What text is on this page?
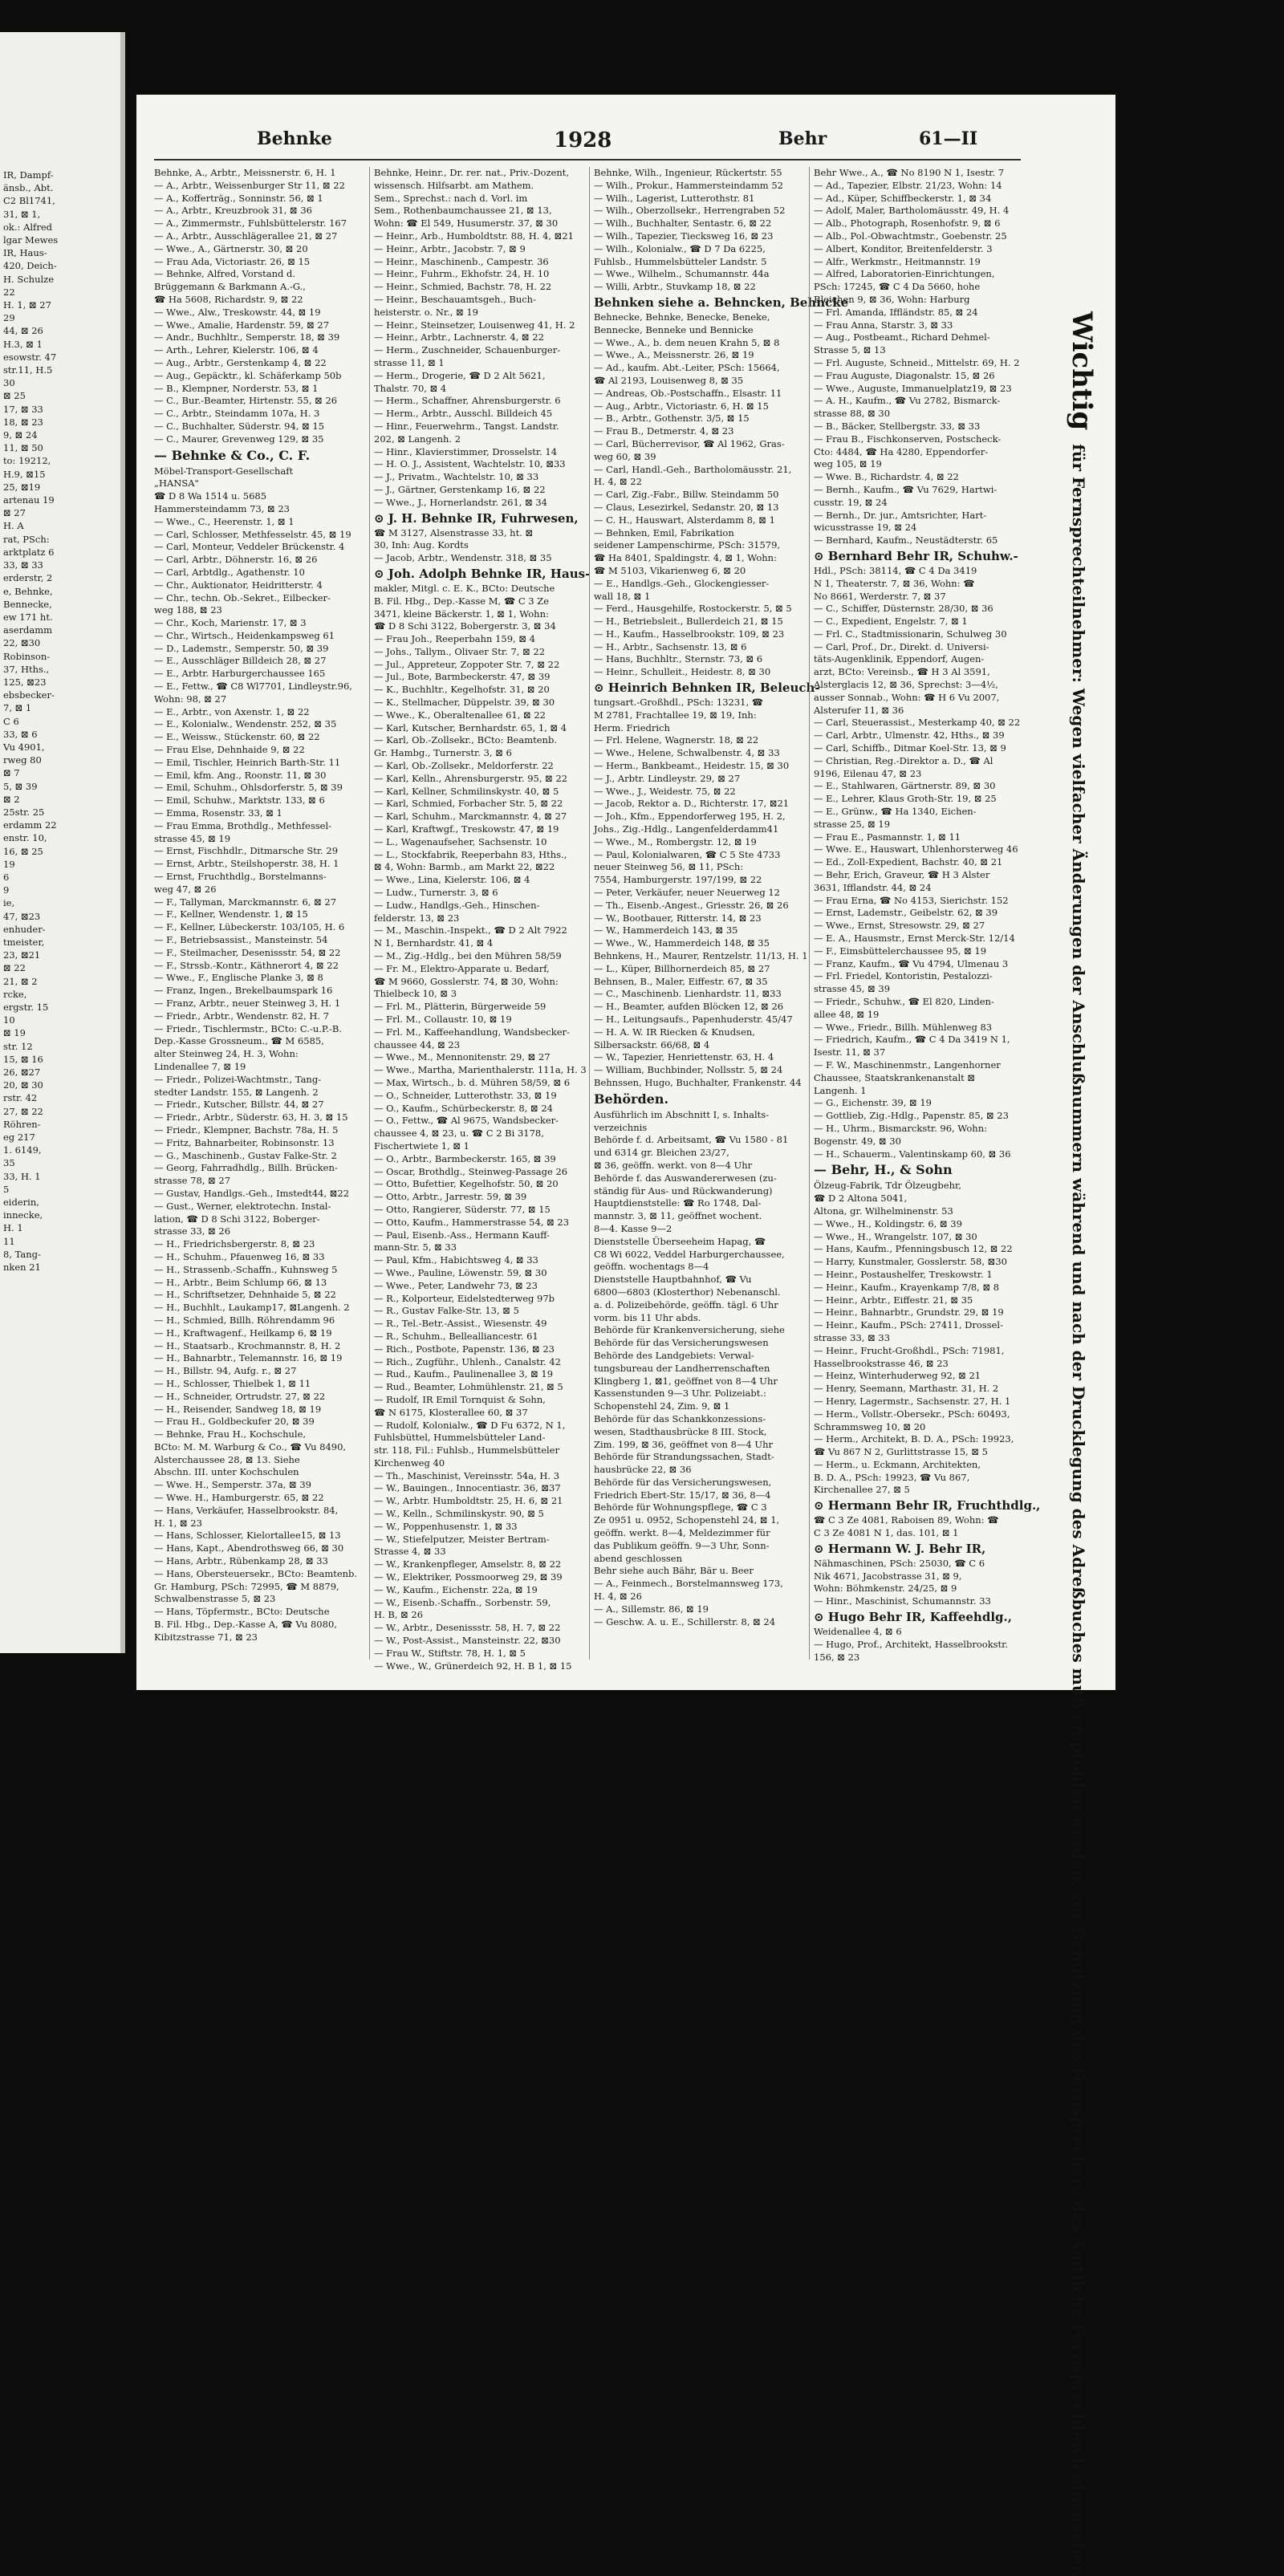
IR, Dampf-
änsb., Abt.
C2 Bl1741,
31, ⊠ 1,
ok.: Alfred
lgar Mewes
IR, Haus-
420, Deich-
H. Schulze
22
H. 1, ⊠ 27
29
44, ⊠ 26
H.3, ⊠ 1
esowstr. 47
str.11, H.5
30
⊠ 25
17, ⊠ 33
18, ⊠ 23
9, ⊠ 24
11, ⊠ 50
to: 19212,
H.9, ⊠15
25, ⊠19
artenau 19
⊠ 27
H. A
rat, PSch:
arktplatz 6
33, ⊠ 33
erderstr, 2
e, Behnke,
Bennecke,
ew 171 ht.
aserdamm
22, ⊠30
Robinson-
37, Hths.,
125, ⊠23
ebsbecker-
7, ⊠ 1
C 6
33, ⊠ 6
Vu 4901,
rweg 80
⊠ 7
5, ⊠ 39
⊠ 2
25str. 25
erdamm 22
enstr. 10,
16, ⊠ 25
19
6
9
ie,
47, ⊠23
enhuder-
tmeister,
23, ⊠21
⊠ 22
21, ⊠ 2
rcke,
ergstr. 15
10
⊠ 19
str. 12
15, ⊠ 16
26, ⊠27
20, ⊠ 30
rstr. 42
27, ⊠ 22
Röhren-
eg 217
1. 6149,
35
33, H. 1
5
eiderin,
innecke,
H. 1
11
8, Tang-
nken 21
Behnke	1928	Behr	61—II
Behnke, A., Arbtr., Meissnerstr. 6, H. 1
— A., Arbtr., Weissenburger Str 11, ⊠ 22
— A., Kofferträg., Sonninstr. 56, ⊠ 1
— A., Arbtr., Kreuzbrook 31, ⊠ 36
— A., Zimmermstr., Fuhlsbüttelerstr. 167
— A., Arbtr., Ausschlägerallee 21, ⊠ 27
— Wwe., A., Gärtnerstr. 30, ⊠ 20
— Frau Ada, Victoriastr. 26, ⊠ 15
— Behnke, Alfred, Vorstand d.
Brüggemann & Barkmann A.-G.,
☎ Ha 5608, Richardstr. 9, ⊠ 22
— Wwe., Alw., Treskowstr. 44, ⊠ 19
— Wwe., Amalie, Hardenstr. 59, ⊠ 27
— Andr., Buchhltr., Semperstr. 18, ⊠ 39
— Arth., Lehrer, Kielerstr. 106, ⊠ 4
— Aug., Arbtr., Gerstenkamp 4, ⊠ 22
— Aug., Gepäcktr., kl. Schäferkamp 50b
— B., Klempner, Norderstr. 53, ⊠ 1
— C., Bur.-Beamter, Hirtenstr. 55, ⊠ 26
— C., Arbtr., Steindamm 107a, H. 3
— C., Buchhalter, Süderstr. 94, ⊠ 15
— C., Maurer, Grevenweg 129, ⊠ 35
— Behnke & Co., C. F.
Möbel-Transport-Gesellschaft
„HANSA"
☎ D 8 Wa 1514 u. 5685
Hammersteindamm 73, ⊠ 23
— Wwe., C., Heerenstr. 1, ⊠ 1
— Carl, Schlosser, Methfesselstr. 45, ⊠ 19
— Carl, Monteur, Veddeler Brückenstr. 4
— Carl, Arbtr., Döhnerstr. 16, ⊠ 26
— Carl, Arbtdlg., Agathenstr. 10
— Chr., Auktionator, Heidritterstr. 4
— Chr., techn. Ob.-Sekret., Eilbecker-
weg 188, ⊠ 23
— Chr., Koch, Marienstr. 17, ⊠ 3
— Chr., Wirtsch., Heidenkampsweg 61
— D., Lademstr., Semperstr. 50, ⊠ 39
— E., Ausschläger Billdeich 28, ⊠ 27
— E., Arbtr. Harburgerchaussee 165
— E., Fettw., ☎ C8 Wl7701, Lindleystr.96,
Wohn: 98, ⊠ 27
— E., Arbtr., von Axenstr. 1, ⊠ 22
— E., Kolonialw., Wendenstr. 252, ⊠ 35
— E., Weissw., Stückenstr. 60, ⊠ 22
— Frau Else, Dehnhaide 9, ⊠ 22
— Emil, Tischler, Heinrich Barth-Str. 11
— Emil, kfm. Ang., Roonstr. 11, ⊠ 30
— Emil, Schuhm., Ohlsdorferstr. 5, ⊠ 39
— Emil, Schuhw., Marktstr. 133, ⊠ 6
— Emma, Rosenstr. 33, ⊠ 1
— Frau Emma, Brothdlg., Methfessel-
strasse 45, ⊠ 19
— Ernst, Fischhdlr., Ditmarsche Str. 29
— Ernst, Arbtr., Steilshoperstr. 38, H. 1
— Ernst, Fruchthdlg., Borstelmanns-
weg 47, ⊠ 26
— F., Tallyman, Marckmannstr. 6, ⊠ 27
— F., Kellner, Wendenstr. 1, ⊠ 15
— F., Kellner, Lübeckerstr. 103/105, H. 6
— F., Betriebsassist., Mansteinstr. 54
— F., Steilmacher, Desenissstr. 54, ⊠ 22
— F., Strssb.-Kontr., Käthnerort 4, ⊠ 22
— Wwe., F., Englische Planke 3, ⊠ 8
— Franz, Ingen., Brekelbaumspark 16
— Franz, Arbtr., neuer Steinweg 3, H. 1
— Friedr., Arbtr., Wendenstr. 82, H. 7
— Friedr., Tischlermstr., BCto: C.-u.P.-B.
Dep.-Kasse Grossneum., ☎ M 6585,
alter Steinweg 24, H. 3, Wohn:
Lindenallee 7, ⊠ 19
— Friedr., Polizei-Wachtmstr., Tang-
stedter Landstr. 155, ⊠ Langenh. 2
— Friedr., Kutscher, Billstr. 44, ⊠ 27
— Friedr., Arbtr., Süderstr. 63, H. 3, ⊠ 15
— Friedr., Klempner, Bachstr. 78a, H. 5
— Fritz, Bahnarbeiter, Robinsonstr. 13
— G., Maschinenb., Gustav Falke-Str. 2
— Georg, Fahrradhdlg., Billh. Brücken-
strasse 78, ⊠ 27
— Gustav, Handlgs.-Geh., Imstedt44, ⊠22
— Gust., Werner, elektrotechn. Instal-
lation, ☎ D 8 Schi 3122, Boberger-
strasse 33, ⊠ 26
— H., Friedrichsbergerstr. 8, ⊠ 23
— H., Schuhm., Pfauenweg 16, ⊠ 33
— H., Strassenb.-Schaffn., Kuhnsweg 5
— H., Arbtr., Beim Schlump 66, ⊠ 13
— H., Schriftsetzer, Dehnhaide 5, ⊠ 22
— H., Buchhlt., Laukamp17, ⊠Langenh. 2
— H., Schmied, Billh. Röhrendamm 96
— H., Kraftwagenf., Heilkamp 6, ⊠ 19
— H., Staatsarb., Krochmannstr. 8, H. 2
— H., Bahnarbtr., Telemannstr. 16, ⊠ 19
— H., Billstr. 94, Aufg. r., ⊠ 27
— H., Schlosser, Thielbek 1, ⊠ 11
— H., Schneider, Ortrudstr. 27, ⊠ 22
— H., Reisender, Sandweg 18, ⊠ 19
— Frau H., Goldbeckufer 20, ⊠ 39
— Behnke, Frau H., Kochschule,
BCto: M. M. Warburg & Co., ☎ Vu 8490,
Alsterchaussee 28, ⊠ 13. Siehe
Abschn. III. unter Kochschulen
— Wwe. H., Semperstr. 37a, ⊠ 39
— Wwe. H., Hamburgerstr. 65, ⊠ 22
— Hans, Verkäufer, Hasselbrookstr. 84,
H. 1, ⊠ 23
— Hans, Schlosser, Kielortallee15, ⊠ 13
— Hans, Kapt., Abendrothsweg 66, ⊠ 30
— Hans, Arbtr., Rübenkamp 28, ⊠ 33
— Hans, Obersteuersekr., BCto: Beamtenb.
Gr. Hamburg, PSch: 72995, ☎ M 8879,
Schwalbenstrasse 5, ⊠ 23
— Hans, Töpfermstr., BCto: Deutsche
B. Fil. Hbg., Dep.-Kasse A, ☎ Vu 8080,
Kibitzstrasse 71, ⊠ 23
Behnke, Heinr., Dr. rer. nat., Priv.-Dozent,
wissensch. Hilfsarbt. am Mathem.
Sem., Sprechst.: nach d. Vorl. im
Sem., Rothenbaumchaussee 21, ⊠ 13,
Wohn: ☎ El 549, Husumerstr. 37, ⊠ 30
— Heinr., Arb., Humboldtstr. 88, H. 4, ⊠21
— Heinr., Arbtr., Jacobstr. 7, ⊠ 9
— Heinr., Maschinenb., Campestr. 36
— Heinr., Fuhrm., Ekhofstr. 24, H. 10
— Heinr., Schmied, Bachstr. 78, H. 22
— Heinr., Beschauamtsgeh., Buch-
heisterstr. o. Nr., ⊠ 19
— Heinr., Steinsetzer, Louisenweg 41, H. 2
— Heinr., Arbtr., Lachnerstr. 4, ⊠ 22
— Herm., Zuschneider, Schauenburger-
strasse 11, ⊠ 1
— Herm., Drogerie, ☎ D 2 Alt 5621,
Thalstr. 70, ⊠ 4
— Herm., Schaffner, Ahrensburgerstr. 6
— Herm., Arbtr., Ausschl. Billdeich 45
— Hinr., Feuerwehrm., Tangst. Landstr.
202, ⊠ Langenh. 2
— Hinr., Klavierstimmer, Drosselstr. 14
— H. O. J., Assistent, Wachtelstr. 10, ⊠33
— J., Privatm., Wachtelstr. 10, ⊠ 33
— J., Gärtner, Gerstenkamp 16, ⊠ 22
— Wwe., J., Hornerlandstr. 261, ⊠ 34
⊙ J. H. Behnke IR, Fuhrwesen,
☎ M 3127, Alsenstrasse 33, ht. ⊠
30, Inh: Aug. Kordts
— Jacob, Arbtr., Wendenstr. 318, ⊠ 35
⊙ Joh. Adolph Behnke IR, Haus-
makler, Mitgl. c. E. K., BCto: Deutsche
B. Fil. Hbg., Dep.-Kasse M, ☎ C 3 Ze
3471, kleine Bäckerstr. 1, ⊠ 1, Wohn:
☎ D 8 Schi 3122, Bobergerstr. 3, ⊠ 34
— Frau Joh., Reeperbahn 159, ⊠ 4
— Johs., Tallym., Olivaer Str. 7, ⊠ 22
— Jul., Appreteur, Zoppoter Str. 7, ⊠ 22
— Jul., Bote, Barmbeckerstr. 47, ⊠ 39
— K., Buchhltr., Kegelhofstr. 31, ⊠ 20
— K., Stellmacher, Düppelstr. 39, ⊠ 30
— Wwe., K., Oberaltenallee 61, ⊠ 22
— Karl, Kutscher, Bernhardstr. 65, 1, ⊠ 4
— Karl, Ob.-Zollsekr., BCto: Beamtenb.
Gr. Hambg., Turnerstr. 3, ⊠ 6
— Karl, Ob.-Zollsekr., Meldorferstr. 22
— Karl, Kelln., Ahrensburgerstr. 95, ⊠ 22
— Karl, Kellner, Schmilinskystr. 40, ⊠ 5
— Karl, Schmied, Forbacher Str. 5, ⊠ 22
— Karl, Schuhm., Marckmannstr. 4, ⊠ 27
— Karl, Kraftwgf., Treskowstr. 47, ⊠ 19
— L., Wagenaufseher, Sachsenstr. 10
— L., Stockfabrik, Reeperbahn 83, Hths.,
⊠ 4, Wohn: Barmb., am Markt 22, ⊠22
— Wwe., Lina, Kielerstr. 106, ⊠ 4
— Ludw., Turnerstr. 3, ⊠ 6
— Ludw., Handlgs.-Geh., Hinschen-
felderstr. 13, ⊠ 23
— M., Maschin.-Inspekt., ☎ D 2 Alt 7922
N 1, Bernhardstr. 41, ⊠ 4
— M., Zig.-Hdlg., bei den Mühren 58/59
— Fr. M., Elektro-Apparate u. Bedarf,
☎ M 9660, Gosslerstr. 74, ⊠ 30, Wohn:
Thielbeck 10, ⊠ 3
— Frl. M., Plätterin, Bürgerweide 59
— Frl. M., Collaustr. 10, ⊠ 19
— Frl. M., Kaffeehandlung, Wandsbecker-
chaussee 44, ⊠ 23
— Wwe., M., Mennonitenstr. 29, ⊠ 27
— Wwe., Martha, Marienthalerstr. 111a, H. 3
— Max, Wirtsch., b. d. Mühren 58/59, ⊠ 6
— O., Schneider, Lutterothstr. 33, ⊠ 19
— O., Kaufm., Schürbeckerstr. 8, ⊠ 24
— O., Fettw., ☎ Al 9675, Wandsbecker-
chaussee 4, ⊠ 23, u. ☎ C 2 Bi 3178,
Fischertwiete 1, ⊠ 1
— O., Arbtr., Barmbeckerstr. 165, ⊠ 39
— Oscar, Brothdlg., Steinweg-Passage 26
— Otto, Bufettier, Kegelhofstr. 50, ⊠ 20
— Otto, Arbtr., Jarrestr. 59, ⊠ 39
— Otto, Rangierer, Süderstr. 77, ⊠ 15
— Otto, Kaufm., Hammerstrasse 54, ⊠ 23
— Paul, Eisenb.-Ass., Hermann Kauff-
mann-Str. 5, ⊠ 33
— Paul, Kfm., Habichtsweg 4, ⊠ 33
— Wwe., Pauline, Löwenstr. 59, ⊠ 30
— Wwe., Peter, Landwehr 73, ⊠ 23
— R., Kolporteur, Eidelstedterweg 97b
— R., Gustav Falke-Str. 13, ⊠ 5
— R., Tel.-Betr.-Assist., Wiesenstr. 49
— R., Schuhm., Bellealliancestr. 61
— Rich., Postbote, Papenstr. 136, ⊠ 23
— Rich., Zugführ., Uhlenh., Canalstr. 42
— Rud., Kaufm., Paulinenallee 3, ⊠ 19
— Rud., Beamter, Lohmühlenstr. 21, ⊠ 5
— Rudolf, IR Emil Tornquist & Sohn,
☎ N 6175, Klosterallee 60, ⊠ 37
— Rudolf, Kolonialw., ☎ D Fu 6372, N 1,
Fuhlsbüttel, Hummelsbütteler Land-
str. 118, Fil.: Fuhlsb., Hummelsbütteler
Kirchenweg 40
— Th., Maschinist, Vereinsstr. 54a, H. 3
— W., Bauingen., Innocentiastr. 36, ⊠37
— W., Arbtr. Humboldtstr. 25, H. 6, ⊠ 21
— W., Kelln., Schmilinskystr. 90, ⊠ 5
— W., Poppenhusenstr. 1, ⊠ 33
— W., Stiefelputzer, Meister Bertram-
Strasse 4, ⊠ 33
— W., Krankenpfleger, Amselstr. 8, ⊠ 22
— W., Elektriker, Possmoorweg 29, ⊠ 39
— W., Kaufm., Eichenstr. 22a, ⊠ 19
— W., Eisenb.-Schaffn., Sorbenstr. 59,
H. B, ⊠ 26
— W., Arbtr., Desenissstr. 58, H. 7, ⊠ 22
— W., Post-Assist., Mansteinstr. 22, ⊠30
— Frau W., Stiftstr. 78, H. 1, ⊠ 5
— Wwe., W., Grünerdeich 92, H. B 1, ⊠ 15
Behnke, Wilh., Ingenieur, Rückertstr. 55
— Wilh., Prokur., Hammersteindamm 52
— Wilh., Lagerist, Lutterothstr. 81
— Wilh., Oberzollsekr., Herrengraben 52
— Wilh., Buchhalter, Sentastr. 6, ⊠ 22
— Wilh., Tapezier, Tiecksweg 16, ⊠ 23
— Wilh., Kolonialw., ☎ D 7 Da 6225,
Fuhlsb., Hummelsbütteler Landstr. 5
— Wwe., Wilhelm., Schumannstr. 44a
— Willi, Arbtr., Stuvkamp 18, ⊠ 22
Behnken siehe a. Behncken, Behncke
Behnecke, Behnke, Benecke, Beneke,
Bennecke, Benneke und Bennicke
— Wwe., A., b. dem neuen Krahn 5, ⊠ 8
— Wwe., A., Meissnerstr. 26, ⊠ 19
— Ad., kaufm. Abt.-Leiter, PSch: 15664,
☎ Al 2193, Louisenweg 8, ⊠ 35
— Andreas, Ob.-Postschaffn., Elsastr. 11
— Aug., Arbtr., Victoriastr. 6, H. ⊠ 15
— B., Arbtr., Gothenstr. 3/5, ⊠ 15
— Frau B., Detmerstr. 4, ⊠ 23
— Carl, Bücherrevisor, ☎ Al 1962, Gras-
weg 60, ⊠ 39
— Carl, Handl.-Geh., Bartholomäusstr. 21,
H. 4, ⊠ 22
— Carl, Zig.-Fabr., Billw. Steindamm 50
— Claus, Lesezirkel, Sedanstr. 20, ⊠ 13
— C. H., Hauswart, Alsterdamm 8, ⊠ 1
— Behnken, Emil, Fabrikation
seidener Lampenschirme, PSch: 31579,
☎ Ha 8401, Spaldingstr. 4, ⊠ 1, Wohn:
☎ M 5103, Vikarienweg 6, ⊠ 20
— E., Handlgs.-Geh., Glockengiesser-
wall 18, ⊠ 1
— Ferd., Hausgehilfe, Rostockerstr. 5, ⊠ 5
— H., Betriebsleit., Bullerdeich 21, ⊠ 15
— H., Kaufm., Hasselbrookstr. 109, ⊠ 23
— H., Arbtr., Sachsenstr. 13, ⊠ 6
— Hans, Buchhltr., Sternstr. 73, ⊠ 6
— Heinr., Schulleit., Heidestr. 8, ⊠ 30
⊙ Heinrich Behnken IR, Beleuch-
tungsart.-Großhdl., PSch: 13231, ☎
M 2781, Frachtallee 19, ⊠ 19, Inh:
Herm. Friedrich
— Frl. Helene, Wagnerstr. 18, ⊠ 22
— Wwe., Helene, Schwalbenstr. 4, ⊠ 33
— Herm., Bankbeamt., Heidestr. 15, ⊠ 30
— J., Arbtr. Lindleystr. 29, ⊠ 27
— Wwe., J., Weidestr. 75, ⊠ 22
— Jacob, Rektor a. D., Richterstr. 17, ⊠21
— Joh., Kfm., Eppendorferweg 195, H. 2,
Johs., Zig.-Hdlg., Langenfelderdamm41
— Wwe., M., Rombergstr. 12, ⊠ 19
— Paul, Kolonialwaren, ☎ C 5 Ste 4733
neuer Steinweg 56, ⊠ 11, PSch:
7554, Hamburgerstr. 197/199, ⊠ 22
— Peter, Verkäufer, neuer Neuerweg 12
— Th., Eisenb.-Angest., Griesstr. 26, ⊠ 26
— W., Bootbauer, Ritterstr. 14, ⊠ 23
— W., Hammerdeich 143, ⊠ 35
— Wwe., W., Hammerdeich 148, ⊠ 35
Behnkens, H., Maurer, Rentzelstr. 11/13, H. 1
— L., Küper, Billhornerdeich 85, ⊠ 27
Behnsen, B., Maler, Eiffestr. 67, ⊠ 35
— C., Maschinenb. Lienhardstr. 11, ⊠33
— H., Beamter, aufden Blöcken 12, ⊠ 26
— H., Leitungsaufs., Papenhuderstr. 45/47
— H. A. W. IR Riecken & Knudsen,
Silbersackstr. 66/68, ⊠ 4
— W., Tapezier, Henriettenstr. 63, H. 4
— William, Buchbinder, Nollsstr. 5, ⊠ 24
Behnssen, Hugo, Buchhalter, Frankenstr. 44
Behörden.
Ausführlich im Abschnitt I, s. Inhalts-
verzeichnis
Behörde f. d. Arbeitsamt, ☎ Vu 1580 - 81
und 6314 gr. Bleichen 23/27,
⊠ 36, geöffn. werkt. von 8—4 Uhr
Behörde f. das Auswandererwesen (zu-
ständig für Aus- und Rückwanderung)
Hauptdienststelle: ☎ Ro 1748, Dal-
mannstr. 3, ⊠ 11, geöffnet wochent.
8—4. Kasse 9—2
Dienststelle Überseeheim Hapag, ☎
C8 Wi 6022, Veddel Harburgerchaussee,
geöffn. wochentags 8—4
Dienststelle Hauptbahnhof, ☎ Vu
6800—6803 (Klosterthor) Nebenanschl.
a. d. Polizeibehörde, geöffn. tägl. 6 Uhr
vorm. bis 11 Uhr abds.
Behörde für Krankenversicherung, siehe
Behörde für das Versicherungswesen
Behörde des Landgebiets: Verwal-
tungsbureau der Landherrenschaften
Klingberg 1, ⊠1, geöffnet von 8—4 Uhr
Kassenstunden 9—3 Uhr. Polizeiabt.:
Schopenstehl 24, Zim. 9, ⊠ 1
Behörde für das Schankkonzessions-
wesen, Stadthausbrücke 8 III. Stock,
Zim. 199, ⊠ 36, geöffnet von 8—4 Uhr
Behörde für Strandungssachen, Stadt-
hausbrücke 22, ⊠ 36
Behörde für das Versicherungswesen,
Friedrich Ebert-Str. 15/17, ⊠ 36, 8—4
Behörde für Wohnungspflege, ☎ C 3
Ze 0951 u. 0952, Schopenstehl 24, ⊠ 1,
geöffn. werkt. 8—4, Meldezimmer für
das Publikum geöffn. 9—3 Uhr, Sonn-
abend geschlossen
Behr siehe auch Bähr, Bär u. Beer
— A., Feinmech., Borstelmannsweg 173,
H. 4, ⊠ 26
— A., Sillemstr. 86, ⊠ 19
— Geschw. A. u. E., Schillerstr. 8, ⊠ 24
Behr Wwe., A., ☎ No 8190 N 1, Isestr. 7
— Ad., Tapezier, Elbstr. 21/23, Wohn: 14
— Ad., Küper, Schiffbeckerstr. 1, ⊠ 34
— Adolf, Maler, Bartholomäusstr. 49, H. 4
— Alb., Photograph, Rosenhofstr. 9, ⊠ 6
— Alb., Pol.-Obwachtmstr., Goebenstr. 25
— Albert, Konditor, Breitenfelderstr. 3
— Alfr., Werkmstr., Heitmannstr. 19
— Alfred, Laboratorien-Einrichtungen,
PSch: 17245, ☎ C 4 Da 5660, hohe
Bleichen 9, ⊠ 36, Wohn: Harburg
— Frl. Amanda, Iffländstr. 85, ⊠ 24
— Frau Anna, Starstr. 3, ⊠ 33
— Aug., Postbeamt., Richard Dehmel-
Strasse 5, ⊠ 13
— Frl. Auguste, Schneid., Mittelstr. 69, H. 2
— Frau Auguste, Diagonalstr. 15, ⊠ 26
— Wwe., Auguste, Immanuelplatz19, ⊠ 23
— A. H., Kaufm., ☎ Vu 2782, Bismarck-
strasse 88, ⊠ 30
— B., Bäcker, Stellbergstr. 33, ⊠ 33
— Frau B., Fischkonserven, Postscheck-
Cto: 4484, ☎ Ha 4280, Eppendorfer-
weg 105, ⊠ 19
— Wwe. B., Richardstr. 4, ⊠ 22
— Bernh., Kaufm., ☎ Vu 7629, Hartwi-
cusstr. 19, ⊠ 24
— Bernh., Dr. jur., Amtsrichter, Hart-
wicusstrasse 19, ⊠ 24
— Bernhard, Kaufm., Neustädterstr. 65
⊙ Bernhard Behr IR, Schuhw.-
Hdl., PSch: 38114, ☎ C 4 Da 3419
N 1, Theaterstr. 7, ⊠ 36, Wohn: ☎
No 8661, Werderstr. 7, ⊠ 37
— C., Schiffer, Düsternstr. 28/30, ⊠ 36
— C., Expedient, Engelstr. 7, ⊠ 1
— Frl. C., Stadtmissionarin, Schulweg 30
— Carl, Prof., Dr., Direkt. d. Universi-
täts-Augenklinik, Eppendorf, Augen-
arzt, BCto: Vereinsb., ☎ H 3 Al 3591,
Alsterglacis 12, ⊠ 36, Sprechst: 3—4½,
ausser Sonnab., Wohn: ☎ H 6 Vu 2007,
Alsterufer 11, ⊠ 36
— Carl, Steuerassist., Mesterkamp 40, ⊠ 22
— Carl, Arbtr., Ulmenstr. 42, Hths., ⊠ 39
— Carl, Schiffb., Ditmar Koel-Str. 13, ⊠ 9
— Christian, Reg.-Direktor a. D., ☎ Al
9196, Eilenau 47, ⊠ 23
— E., Stahlwaren, Gärtnerstr. 89, ⊠ 30
— E., Lehrer, Klaus Groth-Str. 19, ⊠ 25
— E., Grünw., ☎ Ha 1340, Eichen-
strasse 25, ⊠ 19
— Frau E., Pasmannstr. 1, ⊠ 11
— Wwe. E., Hauswart, Uhlenhorsterweg 46
— Ed., Zoll-Expedient, Bachstr. 40, ⊠ 21
— Behr, Erich, Graveur, ☎ H 3 Alster
3631, Ifflandstr. 44, ⊠ 24
— Frau Erna, ☎ No 4153, Sierichstr. 152
— Ernst, Lademstr., Geibelstr. 62, ⊠ 39
— Wwe., Ernst, Stresowstr. 29, ⊠ 27
— E. A., Hausmstr., Ernst Merck-Str. 12/14
— F., Eimsbüttelerchaussee 95, ⊠ 19
— Franz, Kaufm., ☎ Vu 4794, Ulmenau 3
— Frl. Friedel, Kontoristin, Pestalozzi-
strasse 45, ⊠ 39
— Friedr., Schuhw., ☎ El 820, Linden-
allee 48, ⊠ 19
— Wwe., Friedr., Billh. Mühlenweg 83
— Friedrich, Kaufm., ☎ C 4 Da 3419 N 1,
Isestr. 11, ⊠ 37
— F. W., Maschinenmstr., Langenhorner
Chaussee, Staatskrankenanstalt ⊠
Langenh. 1
— G., Eichenstr. 39, ⊠ 19
— Gottlieb, Zig.-Hdlg., Papenstr. 85, ⊠ 23
— H., Uhrm., Bismarckstr. 96, Wohn:
Bogenstr. 49, ⊠ 30
— H., Schauerm., Valentinskamp 60, ⊠ 36
— Behr, H., & Sohn
Ölzeug-Fabrik, Tdr Ölzeugbehr,
☎ D 2 Altona 5041,
Altona, gr. Wilhelminenstr. 53
— Wwe., H., Koldingstr. 6, ⊠ 39
— Wwe., H., Wrangelstr. 107, ⊠ 30
— Hans, Kaufm., Pfenningsbusch 12, ⊠ 22
— Harry, Kunstmaler, Gosslerstr. 58, ⊠30
— Heinr., Postaushelfer, Treskowstr. 1
— Heinr., Kaufm., Krayenkamp 7/8, ⊠ 8
— Heinr., Arbtr., Eiffestr. 21, ⊠ 35
— Heinr., Bahnarbtr., Grundstr. 29, ⊠ 19
— Heinr., Kaufm., PSch: 27411, Drossel-
strasse 33, ⊠ 33
— Heinr., Frucht-Großhdl., PSch: 71981,
Hasselbrookstrasse 46, ⊠ 23
— Heinz, Winterhuderweg 92, ⊠ 21
— Henry, Seemann, Marthastr. 31, H. 2
— Henry, Lagermstr., Sachsenstr. 27, H. 1
— Herm., Vollstr.-Obersekr., PSch: 60493,
Schrammsweg 10, ⊠ 20
— Herm., Architekt, B. D. A., PSch: 19923,
☎ Vu 867 N 2, Gurlittstrasse 15, ⊠ 5
— Herm., u. Eckmann, Architekten,
B. D. A., PSch: 19923, ☎ Vu 867,
Kirchenallee 27, ⊠ 5
⊙ Hermann Behr IR, Fruchthdlg.,
☎ C 3 Ze 4081, Raboisen 89, Wohn: ☎
C 3 Ze 4081 N 1, das. 101, ⊠ 1
⊙ Hermann W. J. Behr IR,
Nähmaschinen, PSch: 25030, ☎ C 6
Nik 4671, Jacobstrasse 31, ⊠ 9,
Wohn: Böhmkenstr. 24/25, ⊠ 9
— Hinr., Maschinist, Schumannstr. 33
⊙ Hugo Behr IR, Kaffeehdlg.,
Weidenallee 4, ⊠ 6
— Hugo, Prof., Architekt, Hasselbrookstr.
156, ⊠ 23
Wichtig für Fernsprechteilnehmer: Wegen vielfacher Änderungen der Anschlußnummern während und nach der Drucklegung des Adreßbuches muß empfohlen werden, vor Benutzung des Fernsprechers das Amtliche Fernsprechbuch einzusehen
